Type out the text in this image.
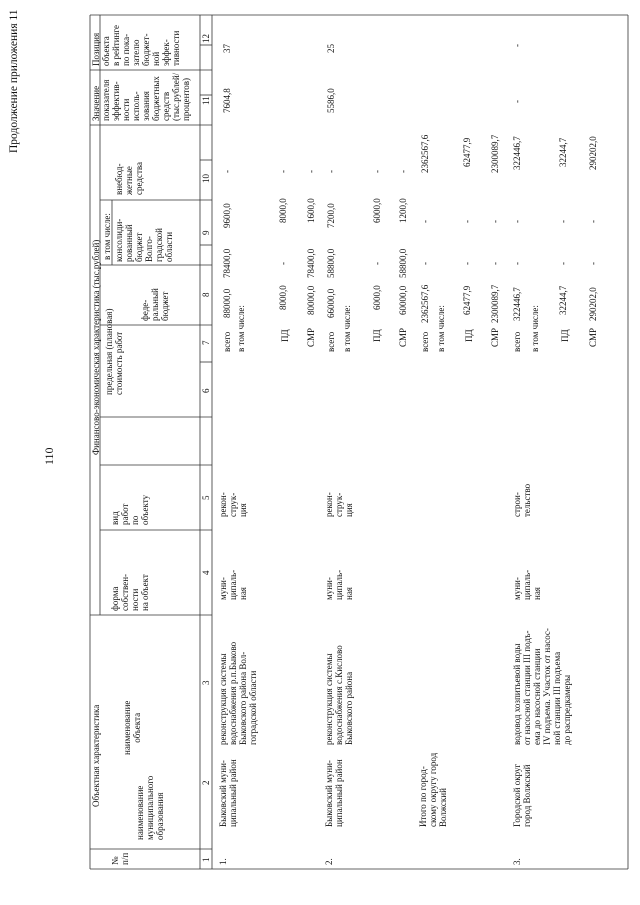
110
Продолжение приложения 11
№ п/п
Объектная характеристика
Финансово-экономическая характеристика (тыс.рублей)
наименование муниципального образования
наименование объекта
форма собствен- ности на объект
вид работ по объекту
предельная (плановая) стоимость работ
в том числе:
феде- ральный бюджет
консолиди- рованный бюджет Волго- градской области
внебюд- жетные средства
Значение показателя эффектив- ности исполь- зования бюджетных средств (тыс.рублей/ процентов)
Позиция объекта в рейтинге по пока- зателю бюджет- ной эффек- тивности
1
2
3
4
5
6
7
8
9
10
11
12
1.
Быковский муни- ципальный район
реконструкция системы водоснабжения р.п.Быково Быковского района Вол- гоградской области
муни- ципаль- ная
рекон- струк- ция
всего в том числе:	ПД СМР
88000,0
78400,0
9600,0
-
7604,8
37
8000,0
-
8000,0
-
80000,0
78400,0
1600,0
-
2.
Быковский муни- ципальный район
реконструкция системы водоснабжения с.Кислово Быковского района
муни- ципаль- ная
рекон- струк- ция
всего в том числе: ПД СМР
66000,0
58800,0
7200,0
-
5586,0
25
6000,0
-
6000,0
-
60000,0
58800,0
1200,0
-
Итого по город- скому округу город Волжский
всего в том числе: ПД СМР
2362567,6
-
-
2362567,6
62477,9
-
-
62477,9
2300089,7
-
-
2300089,7
3.
Городской округ город Волжский
водовод хозпитьевой воды от насосной станции III подъ- ема до насосной станции IV подъема. Участок от насос- ной станции III подъема до распредкамеры
муни- ципаль- ная
строи- тельство
всего в том числе: ПД СМР
322446,7
-
-
322446,7
-
-
32244,7
-
-
32244,7
290202,0
-
-
290202,0
